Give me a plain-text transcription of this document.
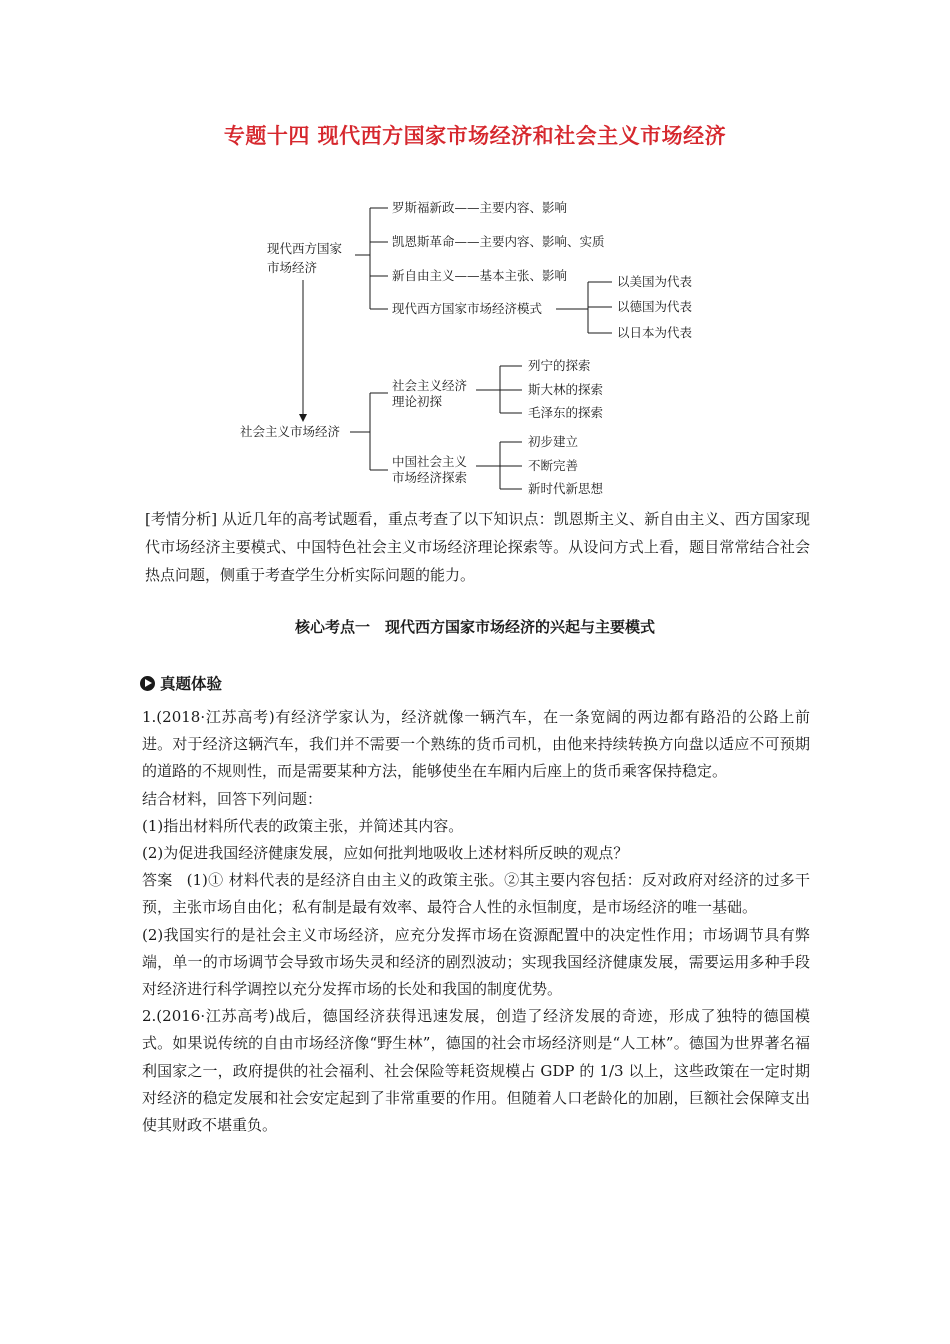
专题十四 现代西方国家市场经济和社会主义市场经济
现代西方国家
市场经济
罗斯福新政——主要内容、影响
凯恩斯革命——主要内容、影响、实质
新自由主义——基本主张、影响
现代西方国家市场经济模式
以美国为代表
以德国为代表
以日本为代表
社会主义市场经济
社会主义经济
理论初探
列宁的探索
斯大林的探索
毛泽东的探索
中国社会主义
市场经济探索
初步建立
不断完善
新时代新思想

[考情分析] 从近几年的高考试题看，重点考查了以下知识点：凯恩斯主义、新自由主义、西方国家现代市场经济主要模式、中国特色社会主义市场经济理论探索等。从设问方式上看，题目常常结合社会热点问题，侧重于考查学生分析实际问题的能力。

核心考点一　现代西方国家市场经济的兴起与主要模式
真题体验

1.(2018·江苏高考)有经济学家认为，经济就像一辆汽车，在一条宽阔的两边都有路沿的公路上前进。对于经济这辆汽车，我们并不需要一个熟练的货币司机，由他来持续转换方向盘以适应不可预期的道路的不规则性，而是需要某种方法，能够使坐在车厢内后座上的货币乘客保持稳定。

结合材料，回答下列问题：

(1)指出材料所代表的政策主张，并简述其内容。

(2)为促进我国经济健康发展，应如何批判地吸收上述材料所反映的观点？

答案 (1)① 材料代表的是经济自由主义的政策主张。②其主要内容包括：反对政府对经济的过多干预，主张市场自由化；私有制是最有效率、最符合人性的永恒制度，是市场经济的唯一基础。

(2)我国实行的是社会主义市场经济，应充分发挥市场在资源配置中的决定性作用；市场调节具有弊端，单一的市场调节会导致市场失灵和经济的剧烈波动；实现我国经济健康发展，需要运用多种手段对经济进行科学调控以充分发挥市场的长处和我国的制度优势。

2.(2016·江苏高考)战后，德国经济获得迅速发展，创造了经济发展的奇迹，形成了独特的德国模式。如果说传统的自由市场经济像“野生林”，德国的社会市场经济则是“人工林”。德国为世界著名福利国家之一，政府提供的社会福利、社会保险等耗资规模占 GDP 的 1/3 以上，这些政策在一定时期对经济的稳定发展和社会安定起到了非常重要的作用。但随着人口老龄化的加剧，巨额社会保障支出使其财政不堪重负。
